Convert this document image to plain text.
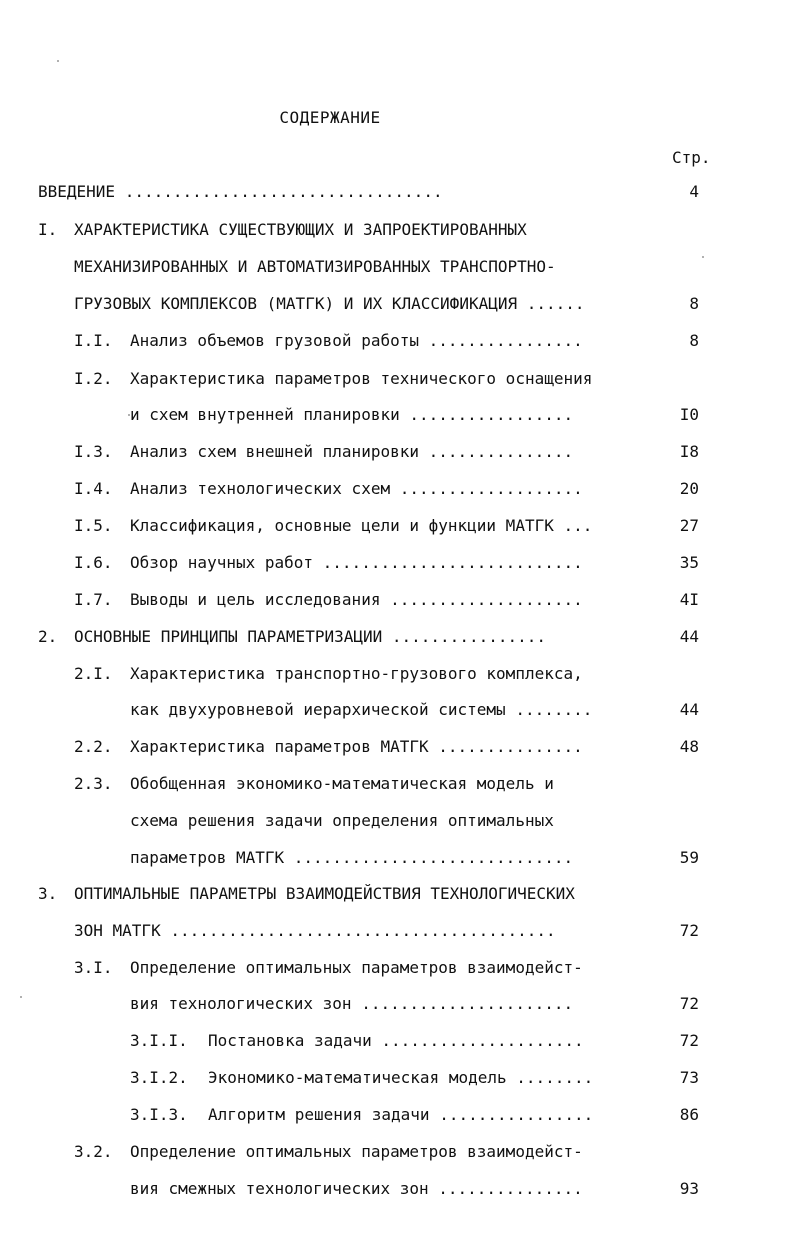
СОДЕРЖАНИЕ
Стр.
ВВЕДЕНИЕ .................................	4
I. ХАРАКТЕРИСТИКА СУЩЕСТВУЮЩИХ И ЗАПРОЕКТИРОВАННЫХ
МЕХАНИЗИРОВАННЫХ И АВТОМАТИЗИРОВАННЫХ ТРАНСПОРТНО-
ГРУЗОВЫХ КОМПЛЕКСОВ (МАТГК) И ИХ КЛАССИФИКАЦИЯ ......	8
I.I. Анализ объемов грузовой работы ................	8
I.2. Характеристика параметров технического оснащения
и схем внутренней планировки .................	I0
I.3. Анализ схем внешней планировки ...............	I8
I.4. Анализ технологических схем ...................	20
I.5. Классификация, основные цели и функции МАТГК ...	27
I.6. Обзор научных работ ...........................	35
I.7. Выводы и цель исследования ....................	4I
2. ОСНОВНЫЕ ПРИНЦИПЫ ПАРАМЕТРИЗАЦИИ ................	44
2.I. Характеристика транспортно-грузового комплекса,
как двухуровневой иерархической системы ........	44
2.2. Характеристика параметров МАТГК ...............	48
2.3. Обобщенная экономико-математическая модель и
схема решения задачи определения оптимальных
параметров МАТГК .............................	59
3. ОПТИМАЛЬНЫЕ ПАРАМЕТРЫ ВЗАИМОДЕЙСТВИЯ ТЕХНОЛОГИЧЕСКИХ
ЗОН МАТГК ........................................	72
3.I. Определение оптимальных параметров взаимодейст-
вия технологических зон ......................	72
3.I.I. Постановка задачи .....................	72
3.I.2. Экономико-математическая модель ........	73
3.I.3. Алгоритм решения задачи ................	86
3.2. Определение оптимальных параметров взаимодейст-
вия смежных технологических зон ...............	93
